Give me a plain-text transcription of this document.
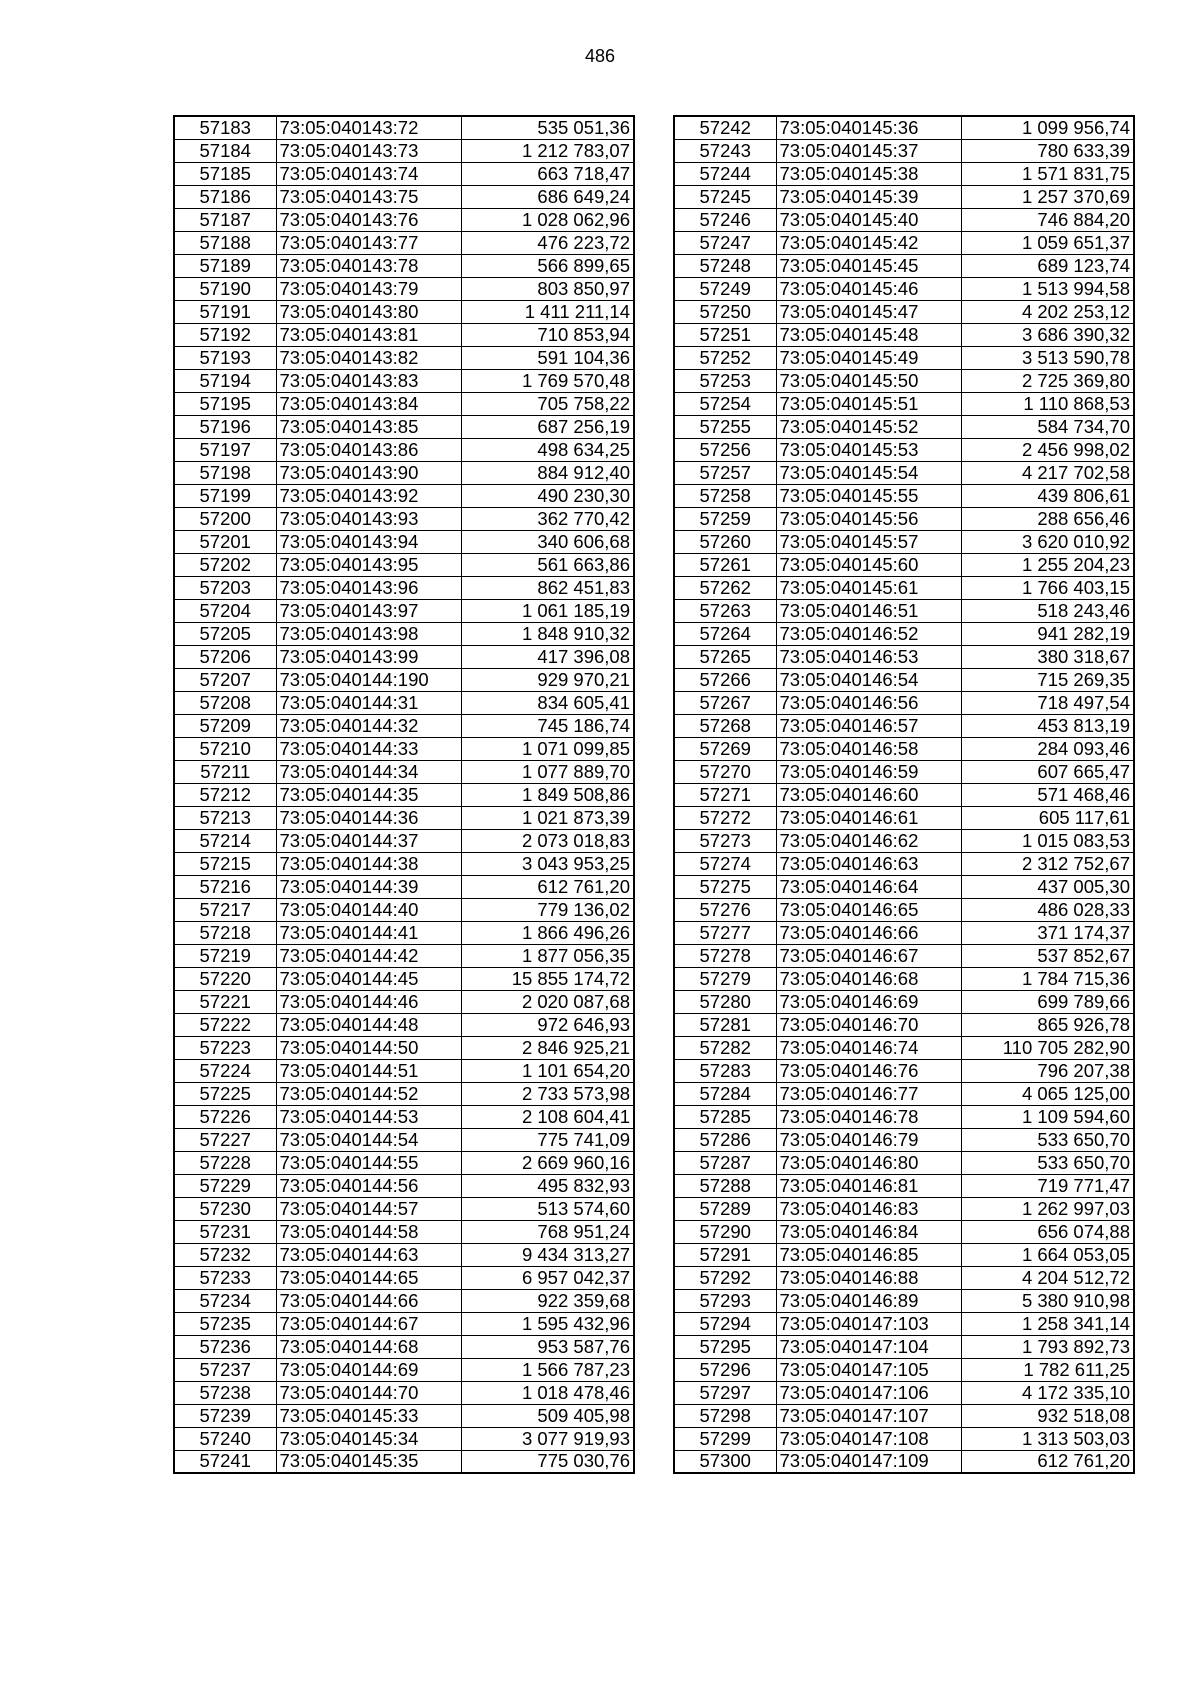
486
57183	73:05:040143:72	535 051,36
57184	73:05:040143:73	1 212 783,07
57185	73:05:040143:74	663 718,47
57186	73:05:040143:75	686 649,24
57187	73:05:040143:76	1 028 062,96
57188	73:05:040143:77	476 223,72
57189	73:05:040143:78	566 899,65
57190	73:05:040143:79	803 850,97
57191	73:05:040143:80	1 411 211,14
57192	73:05:040143:81	710 853,94
57193	73:05:040143:82	591 104,36
57194	73:05:040143:83	1 769 570,48
57195	73:05:040143:84	705 758,22
57196	73:05:040143:85	687 256,19
57197	73:05:040143:86	498 634,25
57198	73:05:040143:90	884 912,40
57199	73:05:040143:92	490 230,30
57200	73:05:040143:93	362 770,42
57201	73:05:040143:94	340 606,68
57202	73:05:040143:95	561 663,86
57203	73:05:040143:96	862 451,83
57204	73:05:040143:97	1 061 185,19
57205	73:05:040143:98	1 848 910,32
57206	73:05:040143:99	417 396,08
57207	73:05:040144:190	929 970,21
57208	73:05:040144:31	834 605,41
57209	73:05:040144:32	745 186,74
57210	73:05:040144:33	1 071 099,85
57211	73:05:040144:34	1 077 889,70
57212	73:05:040144:35	1 849 508,86
57213	73:05:040144:36	1 021 873,39
57214	73:05:040144:37	2 073 018,83
57215	73:05:040144:38	3 043 953,25
57216	73:05:040144:39	612 761,20
57217	73:05:040144:40	779 136,02
57218	73:05:040144:41	1 866 496,26
57219	73:05:040144:42	1 877 056,35
57220	73:05:040144:45	15 855 174,72
57221	73:05:040144:46	2 020 087,68
57222	73:05:040144:48	972 646,93
57223	73:05:040144:50	2 846 925,21
57224	73:05:040144:51	1 101 654,20
57225	73:05:040144:52	2 733 573,98
57226	73:05:040144:53	2 108 604,41
57227	73:05:040144:54	775 741,09
57228	73:05:040144:55	2 669 960,16
57229	73:05:040144:56	495 832,93
57230	73:05:040144:57	513 574,60
57231	73:05:040144:58	768 951,24
57232	73:05:040144:63	9 434 313,27
57233	73:05:040144:65	6 957 042,37
57234	73:05:040144:66	922 359,68
57235	73:05:040144:67	1 595 432,96
57236	73:05:040144:68	953 587,76
57237	73:05:040144:69	1 566 787,23
57238	73:05:040144:70	1 018 478,46
57239	73:05:040145:33	509 405,98
57240	73:05:040145:34	3 077 919,93
57241	73:05:040145:35	775 030,76
57242	73:05:040145:36	1 099 956,74
57243	73:05:040145:37	780 633,39
57244	73:05:040145:38	1 571 831,75
57245	73:05:040145:39	1 257 370,69
57246	73:05:040145:40	746 884,20
57247	73:05:040145:42	1 059 651,37
57248	73:05:040145:45	689 123,74
57249	73:05:040145:46	1 513 994,58
57250	73:05:040145:47	4 202 253,12
57251	73:05:040145:48	3 686 390,32
57252	73:05:040145:49	3 513 590,78
57253	73:05:040145:50	2 725 369,80
57254	73:05:040145:51	1 110 868,53
57255	73:05:040145:52	584 734,70
57256	73:05:040145:53	2 456 998,02
57257	73:05:040145:54	4 217 702,58
57258	73:05:040145:55	439 806,61
57259	73:05:040145:56	288 656,46
57260	73:05:040145:57	3 620 010,92
57261	73:05:040145:60	1 255 204,23
57262	73:05:040145:61	1 766 403,15
57263	73:05:040146:51	518 243,46
57264	73:05:040146:52	941 282,19
57265	73:05:040146:53	380 318,67
57266	73:05:040146:54	715 269,35
57267	73:05:040146:56	718 497,54
57268	73:05:040146:57	453 813,19
57269	73:05:040146:58	284 093,46
57270	73:05:040146:59	607 665,47
57271	73:05:040146:60	571 468,46
57272	73:05:040146:61	605 117,61
57273	73:05:040146:62	1 015 083,53
57274	73:05:040146:63	2 312 752,67
57275	73:05:040146:64	437 005,30
57276	73:05:040146:65	486 028,33
57277	73:05:040146:66	371 174,37
57278	73:05:040146:67	537 852,67
57279	73:05:040146:68	1 784 715,36
57280	73:05:040146:69	699 789,66
57281	73:05:040146:70	865 926,78
57282	73:05:040146:74	110 705 282,90
57283	73:05:040146:76	796 207,38
57284	73:05:040146:77	4 065 125,00
57285	73:05:040146:78	1 109 594,60
57286	73:05:040146:79	533 650,70
57287	73:05:040146:80	533 650,70
57288	73:05:040146:81	719 771,47
57289	73:05:040146:83	1 262 997,03
57290	73:05:040146:84	656 074,88
57291	73:05:040146:85	1 664 053,05
57292	73:05:040146:88	4 204 512,72
57293	73:05:040146:89	5 380 910,98
57294	73:05:040147:103	1 258 341,14
57295	73:05:040147:104	1 793 892,73
57296	73:05:040147:105	1 782 611,25
57297	73:05:040147:106	4 172 335,10
57298	73:05:040147:107	932 518,08
57299	73:05:040147:108	1 313 503,03
57300	73:05:040147:109	612 761,20
